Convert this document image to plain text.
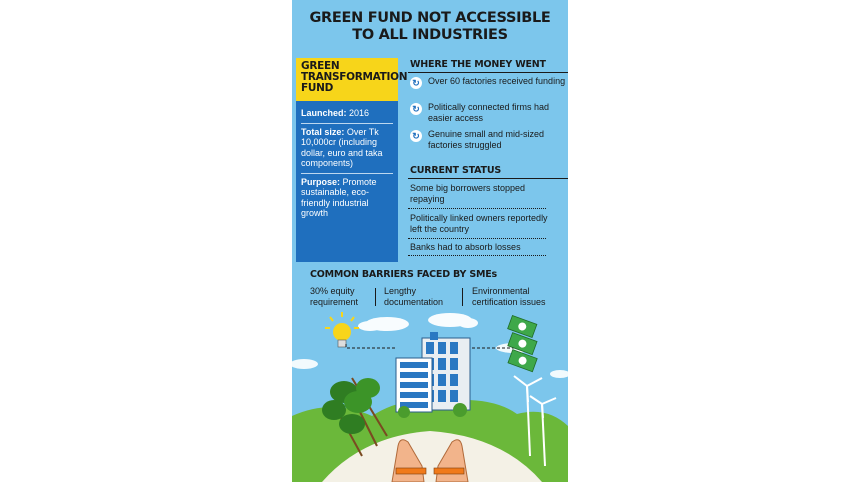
GREEN FUND NOT ACCESSIBLE
TO ALL INDUSTRIES
GREEN
TRANSFORMATION
FUND
Launched: 2016
Total size: Over Tk 10,000cr (including dollar, euro and taka components)
Purpose: Promote sustainable, eco-friendly industrial growth
WHERE THE MONEY WENT
↻ Over 60 factories received funding
↻ Politically connected firms had easier access
↻ Genuine small and mid-sized factories struggled
CURRENT STATUS
Some big borrowers stopped repaying
Politically linked owners reportedly left the country
Banks had to absorb losses
COMMON BARRIERS FACED BY SMEs
30% equity requirement
Lengthy documentation
Environmental certification issues
